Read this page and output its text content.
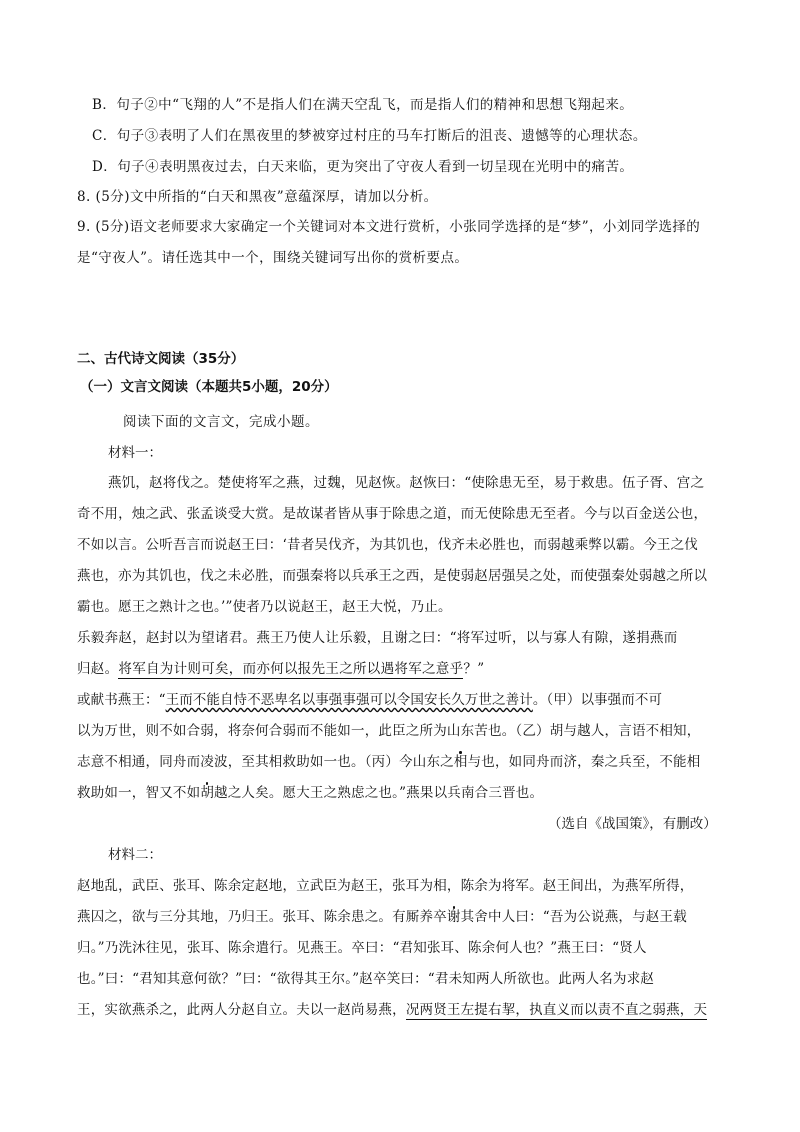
B．句子②中“飞翔的人”不是指人们在满天空乱飞，而是指人们的精神和思想飞翔起来。
C．句子③表明了人们在黑夜里的梦被穿过村庄的马车打断后的沮丧、遗憾等的心理状态。
D．句子④表明黑夜过去，白天来临，更为突出了守夜人看到一切呈现在光明中的痛苦。
8. (5分)文中所指的“白天和黑夜”意蕴深厚，请加以分析。
9. (5分)语文老师要求大家确定一个关键词对本文进行赏析，小张同学选择的是“梦”，小刘同学选择的
是“守夜人”。请任选其中一个，围绕关键词写出你的赏析要点。
二、古代诗文阅读（35分）
（一）文言文阅读（本题共5小题，20分）
阅读下面的文言文，完成小题。
材料一：
燕饥，赵将伐之。楚使将军之燕，过魏，见赵恢。赵恢曰：“使除患无至，易于救患。伍子胥、宫之
奇不用，烛之武、张孟谈受大赏。是故谋者皆从事于除患之道，而无使除患无至者。今与以百金送公也，
不如以言。公听吾言而说赵王曰：‘昔者吴伐齐，为其饥也，伐齐未必胜也，而弱越乘弊以霸。今王之伐
燕也，亦为其饥也，伐之未必胜，而强秦将以兵承王之西，是使弱赵居强吴之处，而使强秦处弱越之所以
霸也。愿王之熟计之也。’”使者乃以说赵王，赵王大悦，乃止。
乐毅奔赵，赵封以为望诸君。燕王乃使人让乐毅，且谢之曰：“将军过听，以与寡人有隙，遂捐燕而
归赵。将军自为计则可矣，而亦何以报先王之所以遇将军之意乎？”
或献书燕王：“王而不能自恃不恶卑名以事强事强可以令国安长久万世之善计。（甲）以事强而不可
以为万世，则不如合弱，将奈何合弱而不能如一，此臣之所为山东苦也。（乙）胡与越人，言语不相知，
志意不相通，同舟而凌波，至其相救助如一也。（丙）今山东之相与也，如同舟而济，秦之兵至，不能相
救助如一，智又不如胡越之人矣。愿大王之熟虑之也。”燕果以兵南合三晋也。
（选自《战国策》，有删改）
材料二：
赵地乱，武臣、张耳、陈余定赵地，立武臣为赵王，张耳为相，陈余为将军。赵王间出，为燕军所得，
燕囚之，欲与三分其地，乃归王。张耳、陈余患之。有厮养卒谢其舍中人曰：“吾为公说燕，与赵王载
归。”乃洗沐往见，张耳、陈余遣行。见燕王。卒曰：“君知张耳、陈余何人也？”燕王曰：“贤人
也。”曰：“君知其意何欲？”曰：“欲得其王尔。”赵卒笑曰：“君未知两人所欲也。此两人名为求赵
王，实欲燕杀之，此两人分赵自立。夫以一赵尚易燕，况两贤王左提右挈，执直义而以责不直之弱燕，天
